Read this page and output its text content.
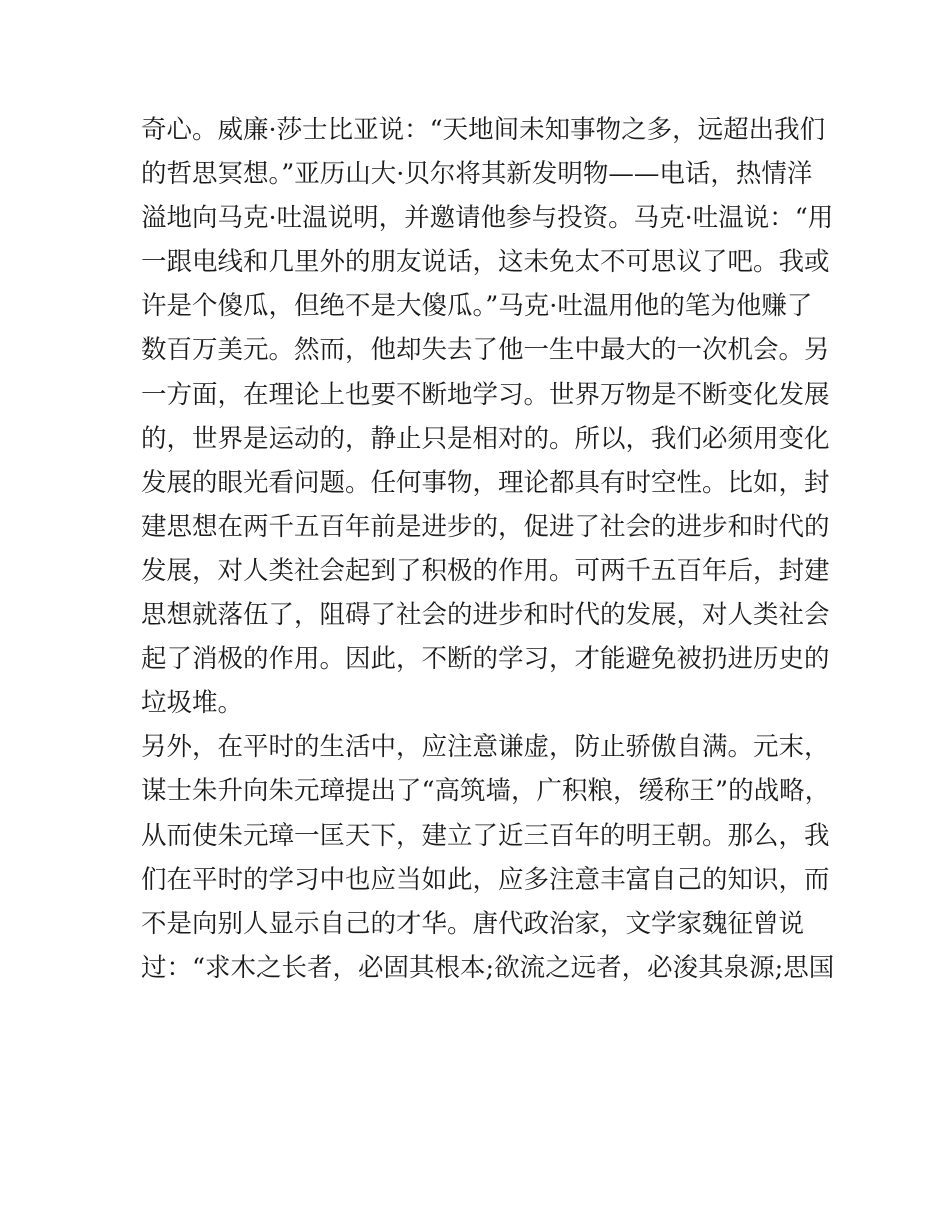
奇心。威廉·莎士比亚说：“天地间未知事物之多，远超出我们
的哲思冥想。”亚历山大·贝尔将其新发明物——电话，热情洋
溢地向马克·吐温说明，并邀请他参与投资。马克·吐温说：“用
一跟电线和几里外的朋友说话，这未免太不可思议了吧。我或
许是个傻瓜，但绝不是大傻瓜。”马克·吐温用他的笔为他赚了
数百万美元。然而，他却失去了他一生中最大的一次机会。另
一方面，在理论上也要不断地学习。世界万物是不断变化发展
的，世界是运动的，静止只是相对的。所以，我们必须用变化
发展的眼光看问题。任何事物，理论都具有时空性。比如，封
建思想在两千五百年前是进步的，促进了社会的进步和时代的
发展，对人类社会起到了积极的作用。可两千五百年后，封建
思想就落伍了，阻碍了社会的进步和时代的发展，对人类社会
起了消极的作用。因此，不断的学习，才能避免被扔进历史的
垃圾堆。
另外，在平时的生活中，应注意谦虚，防止骄傲自满。元末，
谋士朱升向朱元璋提出了“高筑墙，广积粮，缓称王”的战略，
从而使朱元璋一匡天下，建立了近三百年的明王朝。那么，我
们在平时的学习中也应当如此，应多注意丰富自己的知识，而
不是向别人显示自己的才华。唐代政治家，文学家魏征曾说
过：“求木之长者，必固其根本;欲流之远者，必浚其泉源;思国
